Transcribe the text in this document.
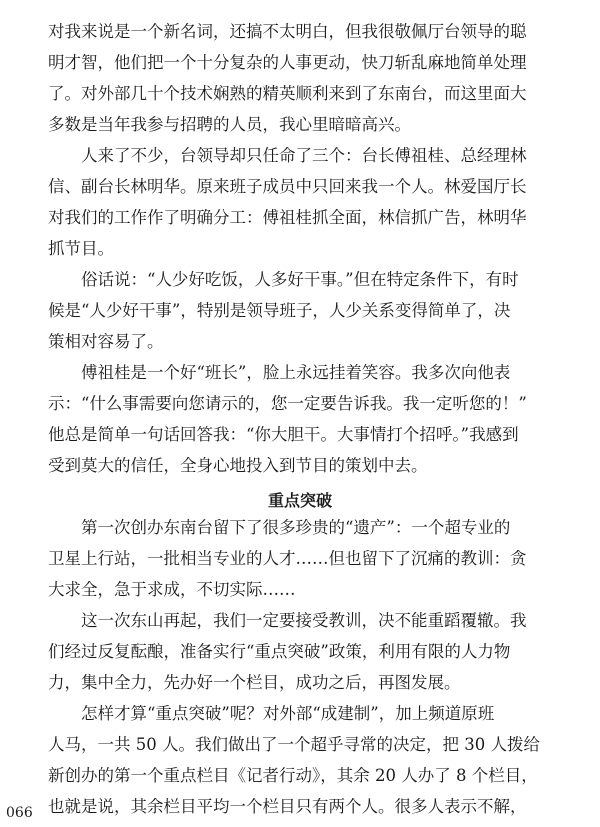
对我来说是一个新名词，还搞不太明白，但我很敬佩厅台领导的聪
明才智，他们把一个十分复杂的人事更动，快刀斩乱麻地简单处理
了。对外部几十个技术娴熟的精英顺利来到了东南台，而这里面大
多数是当年我参与招聘的人员，我心里暗暗高兴。
人来了不少，台领导却只任命了三个：台长傅祖桂、总经理林
信、副台长林明华。原来班子成员中只回来我一个人。林爱国厅长
对我们的工作作了明确分工：傅祖桂抓全面，林信抓广告，林明华
抓节目。
俗话说：“人少好吃饭，人多好干事。”但在特定条件下，有时
候是“人少好干事”，特别是领导班子，人少关系变得简单了，决
策相对容易了。
傅祖桂是一个好“班长”，脸上永远挂着笑容。我多次向他表
示：“什么事需要向您请示的，您一定要告诉我。我一定听您的！”
他总是简单一句话回答我：“你大胆干。大事情打个招呼。”我感到
受到莫大的信任，全身心地投入到节目的策划中去。
重点突破
第一次创办东南台留下了很多珍贵的“遗产”：一个超专业的
卫星上行站，一批相当专业的人才……但也留下了沉痛的教训：贪
大求全，急于求成，不切实际……
这一次东山再起，我们一定要接受教训，决不能重蹈覆辙。我
们经过反复酝酿，准备实行“重点突破”政策，利用有限的人力物
力，集中全力，先办好一个栏目，成功之后，再图发展。
怎样才算“重点突破”呢？对外部“成建制”，加上频道原班
人马，一共 50 人。我们做出了一个超乎寻常的决定，把 30 人拨给
新创办的第一个重点栏目《记者行动》，其余 20 人办了 8 个栏目，
也就是说，其余栏目平均一个栏目只有两个人。很多人表示不解，
066
